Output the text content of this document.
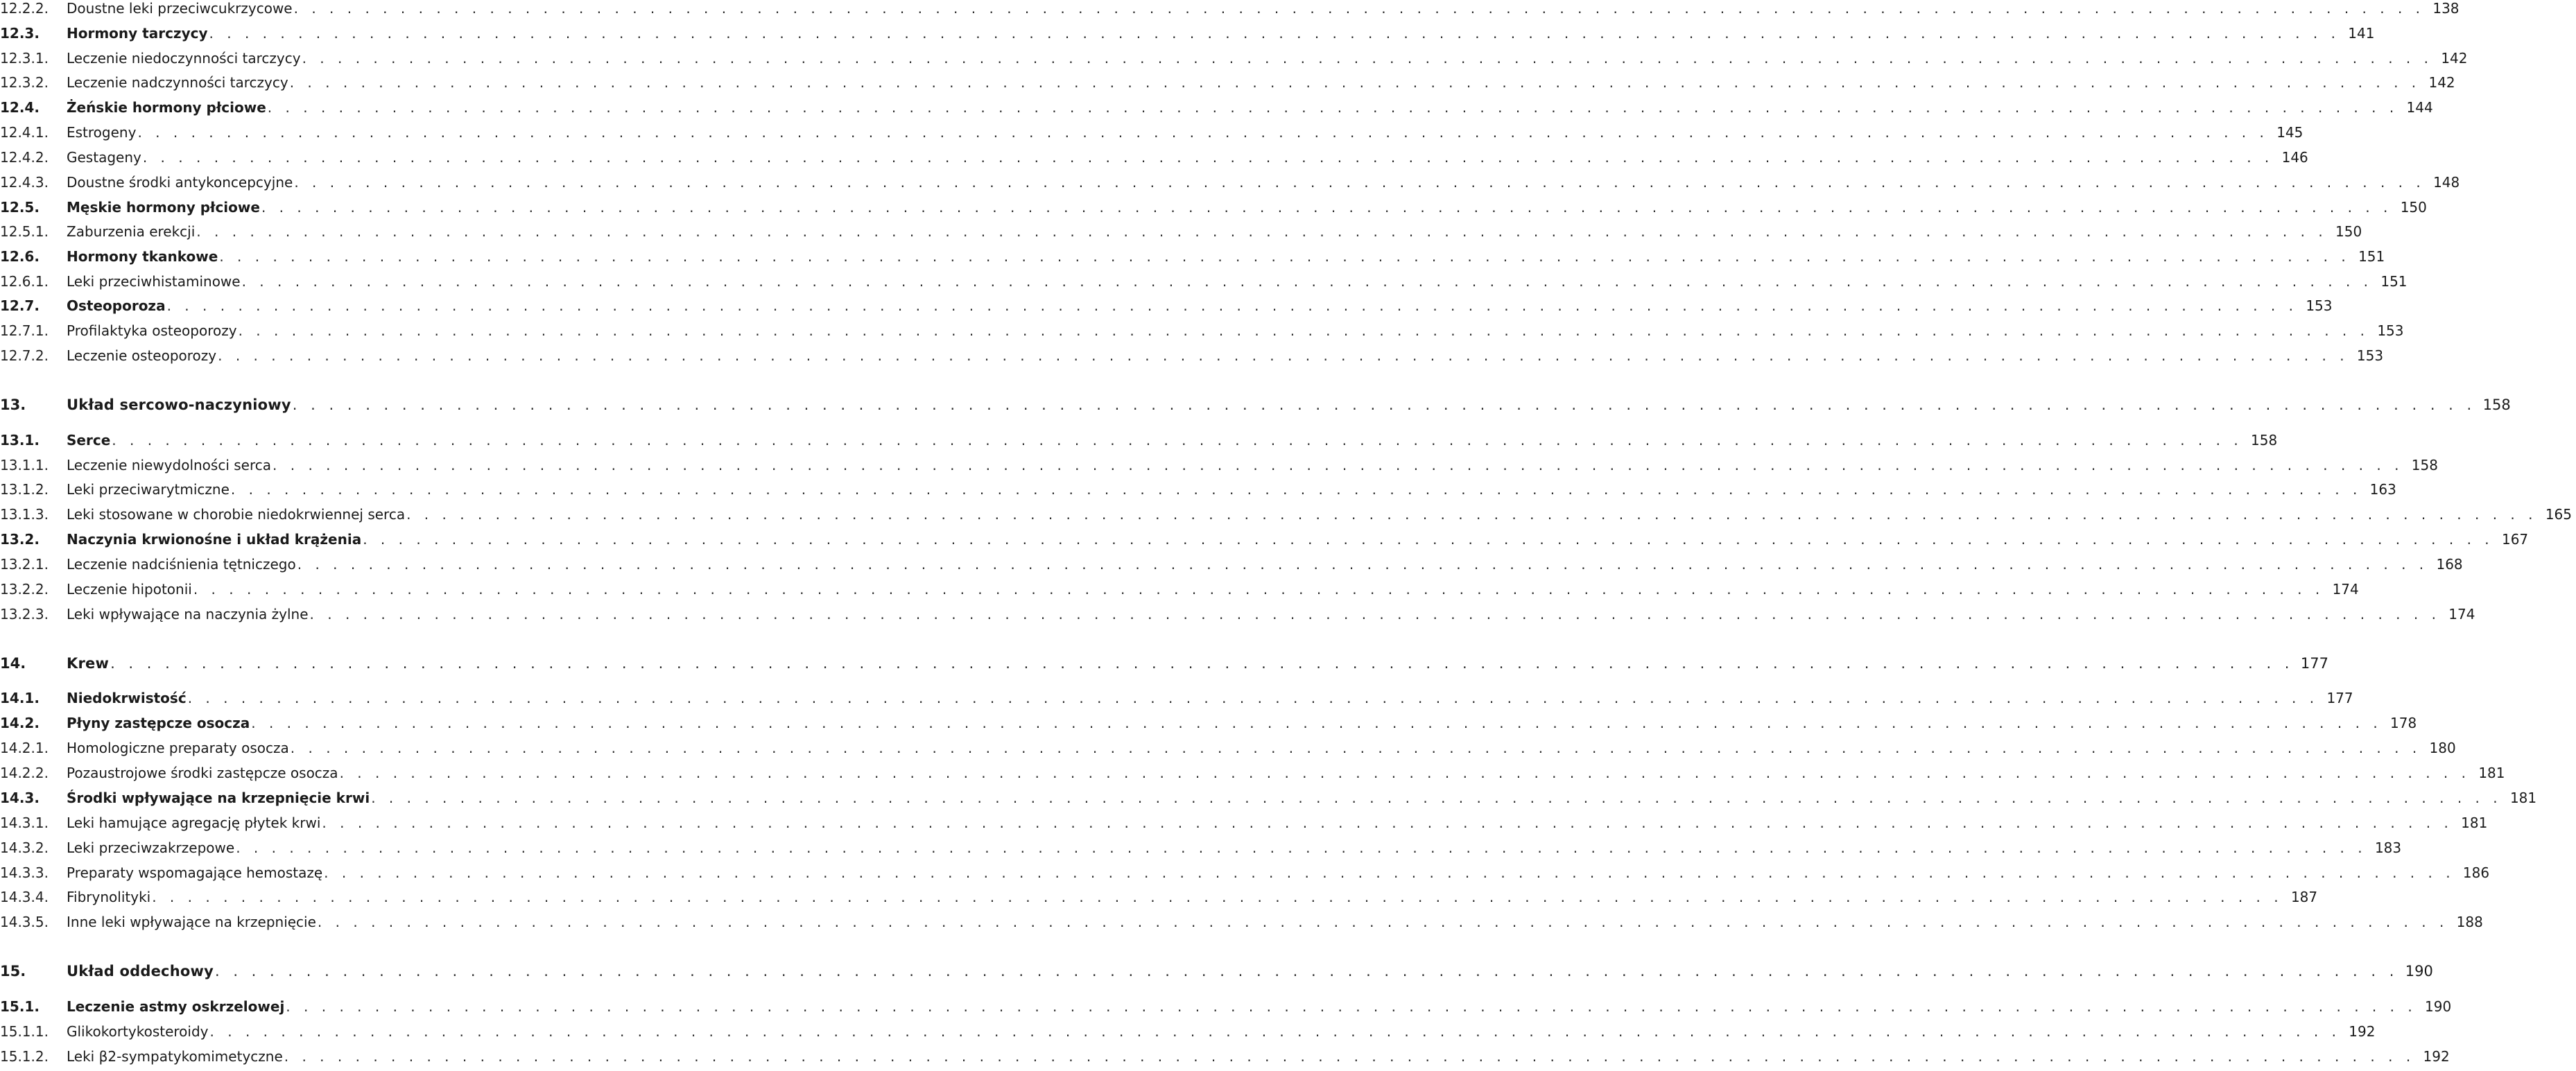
12.2.2.	Doustne leki przeciwcukrzycowe . . . . . . . . . . . . . . . . . . . . . . . . . . . . . . . . . . . . . . . . . . . . . . . . . . . . . . . . . . . . . . . . . . . . . . . . . . . . . . . . . . . . . . . . . . . . . . . . . . . . . . . . . . . . . . . . . . . . . . . . 138
12.3.	Hormony tarczycy . . . . . . . . . . . . . . . . . . . . . . . . . . . . . . . . . . . . . . . . . . . . . . . . . . . . . . . . . . . . . . . . . . . . . . . . . . . . . . . . . . . . . . . . . . . . . . . . . . . . . . . . . . . . . . . . . . . . . . . . 141
12.3.1.	Leczenie niedoczynności tarczycy . . . . . . . . . . . . . . . . . . . . . . . . . . . . . . . . . . . . . . . . . . . . . . . . . . . . . . . . . . . . . . . . . . . . . . . . . . . . . . . . . . . . . . . . . . . . . . . . . . . . . . . . . . . . . . . . . . . . . . . . 142
12.3.2.	Leczenie nadczynności tarczycy . . . . . . . . . . . . . . . . . . . . . . . . . . . . . . . . . . . . . . . . . . . . . . . . . . . . . . . . . . . . . . . . . . . . . . . . . . . . . . . . . . . . . . . . . . . . . . . . . . . . . . . . . . . . . . . . . . . . . . . . 142
12.4.	Żeńskie hormony płciowe . . . . . . . . . . . . . . . . . . . . . . . . . . . . . . . . . . . . . . . . . . . . . . . . . . . . . . . . . . . . . . . . . . . . . . . . . . . . . . . . . . . . . . . . . . . . . . . . . . . . . . . . . . . . . . . . . . . . . . . . 144
12.4.1.	Estrogeny . . . . . . . . . . . . . . . . . . . . . . . . . . . . . . . . . . . . . . . . . . . . . . . . . . . . . . . . . . . . . . . . . . . . . . . . . . . . . . . . . . . . . . . . . . . . . . . . . . . . . . . . . . . . . . . . . . . . . . . . 145
12.4.2.	Gestageny . . . . . . . . . . . . . . . . . . . . . . . . . . . . . . . . . . . . . . . . . . . . . . . . . . . . . . . . . . . . . . . . . . . . . . . . . . . . . . . . . . . . . . . . . . . . . . . . . . . . . . . . . . . . . . . . . . . . . . . . 146
12.4.3.	Doustne środki antykoncepcyjne . . . . . . . . . . . . . . . . . . . . . . . . . . . . . . . . . . . . . . . . . . . . . . . . . . . . . . . . . . . . . . . . . . . . . . . . . . . . . . . . . . . . . . . . . . . . . . . . . . . . . . . . . . . . . . . . . . . . . . . . 148
12.5.	Męskie hormony płciowe . . . . . . . . . . . . . . . . . . . . . . . . . . . . . . . . . . . . . . . . . . . . . . . . . . . . . . . . . . . . . . . . . . . . . . . . . . . . . . . . . . . . . . . . . . . . . . . . . . . . . . . . . . . . . . . . . . . . . . . . 150
12.5.1.	Zaburzenia erekcji . . . . . . . . . . . . . . . . . . . . . . . . . . . . . . . . . . . . . . . . . . . . . . . . . . . . . . . . . . . . . . . . . . . . . . . . . . . . . . . . . . . . . . . . . . . . . . . . . . . . . . . . . . . . . . . . . . . . . . . . 150
12.6.	Hormony tkankowe . . . . . . . . . . . . . . . . . . . . . . . . . . . . . . . . . . . . . . . . . . . . . . . . . . . . . . . . . . . . . . . . . . . . . . . . . . . . . . . . . . . . . . . . . . . . . . . . . . . . . . . . . . . . . . . . . . . . . . . . 151
12.6.1.	Leki przeciwhistaminowe . . . . . . . . . . . . . . . . . . . . . . . . . . . . . . . . . . . . . . . . . . . . . . . . . . . . . . . . . . . . . . . . . . . . . . . . . . . . . . . . . . . . . . . . . . . . . . . . . . . . . . . . . . . . . . . . . . . . . . . . 151
12.7.	Osteoporoza . . . . . . . . . . . . . . . . . . . . . . . . . . . . . . . . . . . . . . . . . . . . . . . . . . . . . . . . . . . . . . . . . . . . . . . . . . . . . . . . . . . . . . . . . . . . . . . . . . . . . . . . . . . . . . . . . . . . . . . . 153
12.7.1.	Profilaktyka osteoporozy . . . . . . . . . . . . . . . . . . . . . . . . . . . . . . . . . . . . . . . . . . . . . . . . . . . . . . . . . . . . . . . . . . . . . . . . . . . . . . . . . . . . . . . . . . . . . . . . . . . . . . . . . . . . . . . . . . . . . . . . 153
12.7.2.	Leczenie osteoporozy . . . . . . . . . . . . . . . . . . . . . . . . . . . . . . . . . . . . . . . . . . . . . . . . . . . . . . . . . . . . . . . . . . . . . . . . . . . . . . . . . . . . . . . . . . . . . . . . . . . . . . . . . . . . . . . . . . . . . . . . 153
13.	Układ sercowo-naczyniowy . . . . . . . . . . . . . . . . . . . . . . . . . . . . . . . . . . . . . . . . . . . . . . . . . . . . . . . . . . . . . . . . . . . . . . . . . . . . . . . . . . . . . . . . . . . . . . . . . . . . . . . . . . . . . . . . . . . . . . . . 158
13.1.	Serce . . . . . . . . . . . . . . . . . . . . . . . . . . . . . . . . . . . . . . . . . . . . . . . . . . . . . . . . . . . . . . . . . . . . . . . . . . . . . . . . . . . . . . . . . . . . . . . . . . . . . . . . . . . . . . . . . . . . . . . . 158
13.1.1.	Leczenie niewydolności serca . . . . . . . . . . . . . . . . . . . . . . . . . . . . . . . . . . . . . . . . . . . . . . . . . . . . . . . . . . . . . . . . . . . . . . . . . . . . . . . . . . . . . . . . . . . . . . . . . . . . . . . . . . . . . . . . . . . . . . . . 158
13.1.2.	Leki przeciwarytmiczne . . . . . . . . . . . . . . . . . . . . . . . . . . . . . . . . . . . . . . . . . . . . . . . . . . . . . . . . . . . . . . . . . . . . . . . . . . . . . . . . . . . . . . . . . . . . . . . . . . . . . . . . . . . . . . . . . . . . . . . . 163
13.1.3.	Leki stosowane w chorobie niedokrwiennej serca . . . . . . . . . . . . . . . . . . . . . . . . . . . . . . . . . . . . . . . . . . . . . . . . . . . . . . . . . . . . . . . . . . . . . . . . . . . . . . . . . . . . . . . . . . . . . . . . . . . . . . . . . . . . . . . . . . . . . . . . 165
13.2.	Naczynia krwionośne i układ krążenia . . . . . . . . . . . . . . . . . . . . . . . . . . . . . . . . . . . . . . . . . . . . . . . . . . . . . . . . . . . . . . . . . . . . . . . . . . . . . . . . . . . . . . . . . . . . . . . . . . . . . . . . . . . . . . . . . . . . . . . . 167
13.2.1.	Leczenie nadciśnienia tętniczego . . . . . . . . . . . . . . . . . . . . . . . . . . . . . . . . . . . . . . . . . . . . . . . . . . . . . . . . . . . . . . . . . . . . . . . . . . . . . . . . . . . . . . . . . . . . . . . . . . . . . . . . . . . . . . . . . . . . . . . . 168
13.2.2.	Leczenie hipotonii . . . . . . . . . . . . . . . . . . . . . . . . . . . . . . . . . . . . . . . . . . . . . . . . . . . . . . . . . . . . . . . . . . . . . . . . . . . . . . . . . . . . . . . . . . . . . . . . . . . . . . . . . . . . . . . . . . . . . . . . 174
13.2.3.	Leki wpływające na naczynia żylne . . . . . . . . . . . . . . . . . . . . . . . . . . . . . . . . . . . . . . . . . . . . . . . . . . . . . . . . . . . . . . . . . . . . . . . . . . . . . . . . . . . . . . . . . . . . . . . . . . . . . . . . . . . . . . . . . . . . . . . . 174
14.	Krew . . . . . . . . . . . . . . . . . . . . . . . . . . . . . . . . . . . . . . . . . . . . . . . . . . . . . . . . . . . . . . . . . . . . . . . . . . . . . . . . . . . . . . . . . . . . . . . . . . . . . . . . . . . . . . . . . . . . . . . . 177
14.1.	Niedokrwistość . . . . . . . . . . . . . . . . . . . . . . . . . . . . . . . . . . . . . . . . . . . . . . . . . . . . . . . . . . . . . . . . . . . . . . . . . . . . . . . . . . . . . . . . . . . . . . . . . . . . . . . . . . . . . . . . . . . . . . . . 177
14.2.	Płyny zastępcze osocza . . . . . . . . . . . . . . . . . . . . . . . . . . . . . . . . . . . . . . . . . . . . . . . . . . . . . . . . . . . . . . . . . . . . . . . . . . . . . . . . . . . . . . . . . . . . . . . . . . . . . . . . . . . . . . . . . . . . . . . . 178
14.2.1.	Homologiczne preparaty osocza . . . . . . . . . . . . . . . . . . . . . . . . . . . . . . . . . . . . . . . . . . . . . . . . . . . . . . . . . . . . . . . . . . . . . . . . . . . . . . . . . . . . . . . . . . . . . . . . . . . . . . . . . . . . . . . . . . . . . . . . 180
14.2.2.	Pozaustrojowe środki zastępcze osocza . . . . . . . . . . . . . . . . . . . . . . . . . . . . . . . . . . . . . . . . . . . . . . . . . . . . . . . . . . . . . . . . . . . . . . . . . . . . . . . . . . . . . . . . . . . . . . . . . . . . . . . . . . . . . . . . . . . . . . . . 181
14.3.	Środki wpływające na krzepnięcie krwi . . . . . . . . . . . . . . . . . . . . . . . . . . . . . . . . . . . . . . . . . . . . . . . . . . . . . . . . . . . . . . . . . . . . . . . . . . . . . . . . . . . . . . . . . . . . . . . . . . . . . . . . . . . . . . . . . . . . . . . . 181
14.3.1.	Leki hamujące agregację płytek krwi . . . . . . . . . . . . . . . . . . . . . . . . . . . . . . . . . . . . . . . . . . . . . . . . . . . . . . . . . . . . . . . . . . . . . . . . . . . . . . . . . . . . . . . . . . . . . . . . . . . . . . . . . . . . . . . . . . . . . . . . 181
14.3.2.	Leki przeciwzakrzepowe . . . . . . . . . . . . . . . . . . . . . . . . . . . . . . . . . . . . . . . . . . . . . . . . . . . . . . . . . . . . . . . . . . . . . . . . . . . . . . . . . . . . . . . . . . . . . . . . . . . . . . . . . . . . . . . . . . . . . . . . 183
14.3.3.	Preparaty wspomagające hemostazę . . . . . . . . . . . . . . . . . . . . . . . . . . . . . . . . . . . . . . . . . . . . . . . . . . . . . . . . . . . . . . . . . . . . . . . . . . . . . . . . . . . . . . . . . . . . . . . . . . . . . . . . . . . . . . . . . . . . . . . . 186
14.3.4.	Fibrynolityki . . . . . . . . . . . . . . . . . . . . . . . . . . . . . . . . . . . . . . . . . . . . . . . . . . . . . . . . . . . . . . . . . . . . . . . . . . . . . . . . . . . . . . . . . . . . . . . . . . . . . . . . . . . . . . . . . . . . . . . . 187
14.3.5.	Inne leki wpływające na krzepnięcie . . . . . . . . . . . . . . . . . . . . . . . . . . . . . . . . . . . . . . . . . . . . . . . . . . . . . . . . . . . . . . . . . . . . . . . . . . . . . . . . . . . . . . . . . . . . . . . . . . . . . . . . . . . . . . . . . . . . . . . . 188
15.	Układ oddechowy . . . . . . . . . . . . . . . . . . . . . . . . . . . . . . . . . . . . . . . . . . . . . . . . . . . . . . . . . . . . . . . . . . . . . . . . . . . . . . . . . . . . . . . . . . . . . . . . . . . . . . . . . . . . . . . . . . . . . . . . 190
15.1.	Leczenie astmy oskrzelowej . . . . . . . . . . . . . . . . . . . . . . . . . . . . . . . . . . . . . . . . . . . . . . . . . . . . . . . . . . . . . . . . . . . . . . . . . . . . . . . . . . . . . . . . . . . . . . . . . . . . . . . . . . . . . . . . . . . . . . . . 190
15.1.1.	Glikokortykosteroidy . . . . . . . . . . . . . . . . . . . . . . . . . . . . . . . . . . . . . . . . . . . . . . . . . . . . . . . . . . . . . . . . . . . . . . . . . . . . . . . . . . . . . . . . . . . . . . . . . . . . . . . . . . . . . . . . . . . . . . . . 192
15.1.2.	Leki β2-sympatykomimetyczne . . . . . . . . . . . . . . . . . . . . . . . . . . . . . . . . . . . . . . . . . . . . . . . . . . . . . . . . . . . . . . . . . . . . . . . . . . . . . . . . . . . . . . . . . . . . . . . . . . . . . . . . . . . . . . . . . . . . . . . . 192
